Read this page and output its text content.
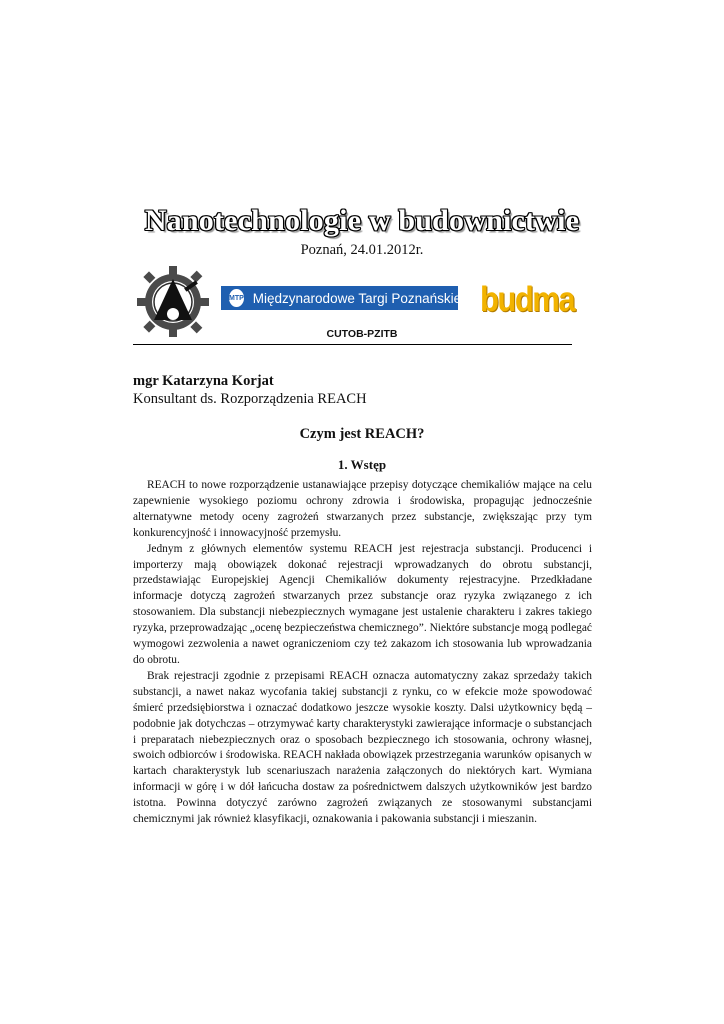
Nanotechnologie w budownictwie
Poznań, 24.01.2012r.
MTP Międzynarodowe Targi Poznańskie budma
CUTOB-PZITB
mgr Katarzyna Korjat
Konsultant ds. Rozporządzenia REACH
Czym jest REACH?
1. Wstęp

REACH to nowe rozporządzenie ustanawiające przepisy dotyczące chemikaliów mające na celu zapewnienie wysokiego poziomu ochrony zdrowia i środowiska, propagując jednocześnie alternatywne metody oceny zagrożeń stwarzanych przez substancje, zwiększając przy tym konkurencyjność i innowacyjność przemysłu.

Jednym z głównych elementów systemu REACH jest rejestracja substancji. Producenci i importerzy mają obowiązek dokonać rejestracji wprowadzanych do obrotu substancji, przedstawiając Europejskiej Agencji Chemikaliów dokumenty rejestracyjne. Przedkładane informacje dotyczą zagrożeń stwarzanych przez substancje oraz ryzyka związanego z ich stosowaniem. Dla substancji niebezpiecznych wymagane jest ustalenie charakteru i zakres takiego ryzyka, przeprowadzając „ocenę bezpieczeństwa chemicznego”. Niektóre substancje mogą podlegać wymogowi zezwolenia a nawet ograniczeniom czy też zakazom ich stosowania lub wprowadzania do obrotu.

Brak rejestracji zgodnie z przepisami REACH oznacza automatyczny zakaz sprzedaży takich substancji, a nawet nakaz wycofania takiej substancji z rynku, co w efekcie może spowodować śmierć przedsiębiorstwa i oznaczać dodatkowo jeszcze wysokie koszty. Dalsi użytkownicy będą – podobnie jak dotychczas – otrzymywać karty charakterystyki zawierające informacje o substancjach i preparatach niebezpiecznych oraz o sposobach bezpiecznego ich stosowania, ochrony własnej, swoich odbiorców i środowiska. REACH nakłada obowiązek przestrzegania warunków opisanych w kartach charakterystyk lub scenariuszach narażenia załączonych do niektórych kart. Wymiana informacji w górę i w dół łańcucha dostaw za pośrednictwem dalszych użytkowników jest bardzo istotna. Powinna dotyczyć zarówno zagrożeń związanych ze stosowanymi substancjami chemicznymi jak również klasyfikacji, oznakowania i pakowania substancji i mieszanin.
